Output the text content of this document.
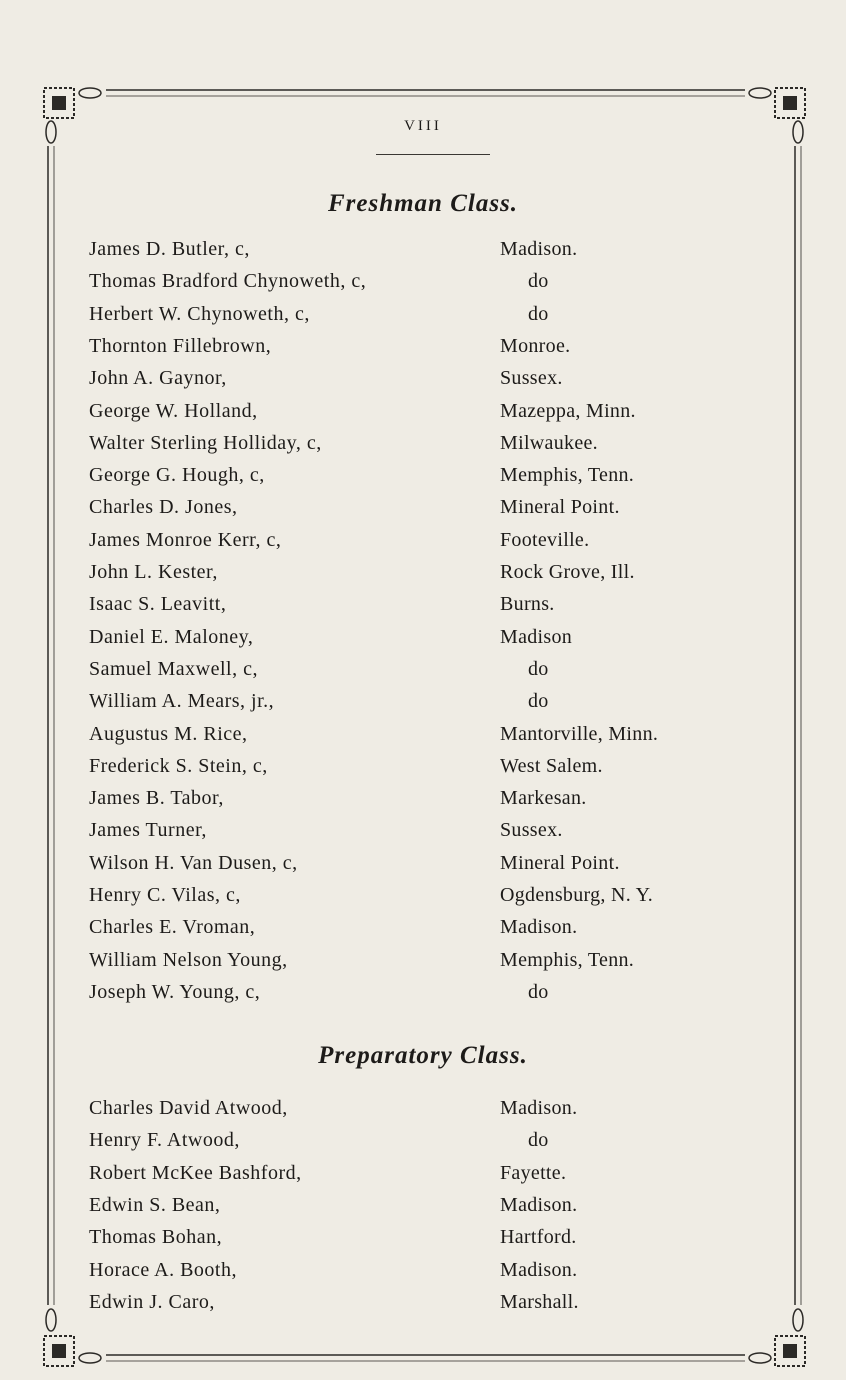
VIII
Freshman Class.
James D. Butler, c,	Madison.
Thomas Bradford Chynoweth, c,	do
Herbert W. Chynoweth, c,	do
Thornton Fillebrown,	Monroe.
John A. Gaynor,	Sussex.
George W. Holland,	Mazeppa, Minn.
Walter Sterling Holliday, c,	Milwaukee.
George G. Hough, c,	Memphis, Tenn.
Charles D. Jones,	Mineral Point.
James Monroe Kerr, c,	Footeville.
John L. Kester,	Rock Grove, Ill.
Isaac S. Leavitt,	Burns.
Daniel E. Maloney,	Madison
Samuel Maxwell, c,	do
William A. Mears, jr.,	do
Augustus M. Rice,	Mantorville, Minn.
Frederick S. Stein, c,	West Salem.
James B. Tabor,	Markesan.
James Turner,	Sussex.
Wilson H. Van Dusen, c,	Mineral Point.
Henry C. Vilas, c,	Ogdensburg, N. Y.
Charles E. Vroman,	Madison.
William Nelson Young,	Memphis, Tenn.
Joseph W. Young, c,	do
Preparatory Class.
Charles David Atwood,	Madison.
Henry F. Atwood,	do
Robert McKee Bashford,	Fayette.
Edwin S. Bean,	Madison.
Thomas Bohan,	Hartford.
Horace A. Booth,	Madison.
Edwin J. Caro,	Marshall.
